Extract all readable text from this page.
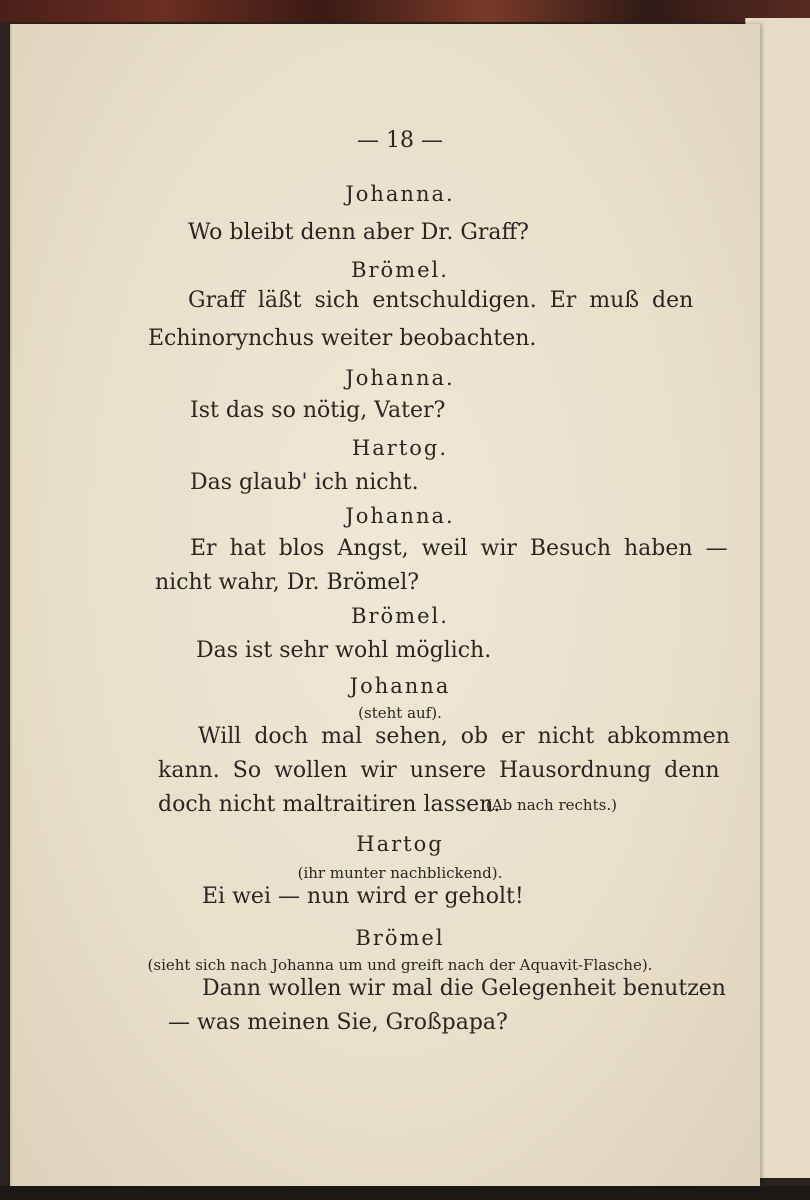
— 18 —
Johanna.
Wo bleibt denn aber Dr. Graff?
Brömel.
Graff läßt sich entschuldigen. Er muß den
Echinorynchus weiter beobachten.
Johanna.
Ist das so nötig, Vater?
Hartog.
Das glaub' ich nicht.
Johanna.
Er hat blos Angst, weil wir Besuch haben —
nicht wahr, Dr. Brömel?
Brömel.
Das ist sehr wohl möglich.
Johanna
(steht auf).
Will doch mal sehen, ob er nicht abkommen
kann. So wollen wir unsere Hausordnung denn
doch nicht maltraitiren lassen.
(Ab nach rechts.)
Hartog
(ihr munter nachblickend).
Ei wei — nun wird er geholt!
Brömel
(sieht sich nach Johanna um und greift nach der Aquavit-Flasche).
Dann wollen wir mal die Gelegenheit benutzen
— was meinen Sie, Großpapa?
